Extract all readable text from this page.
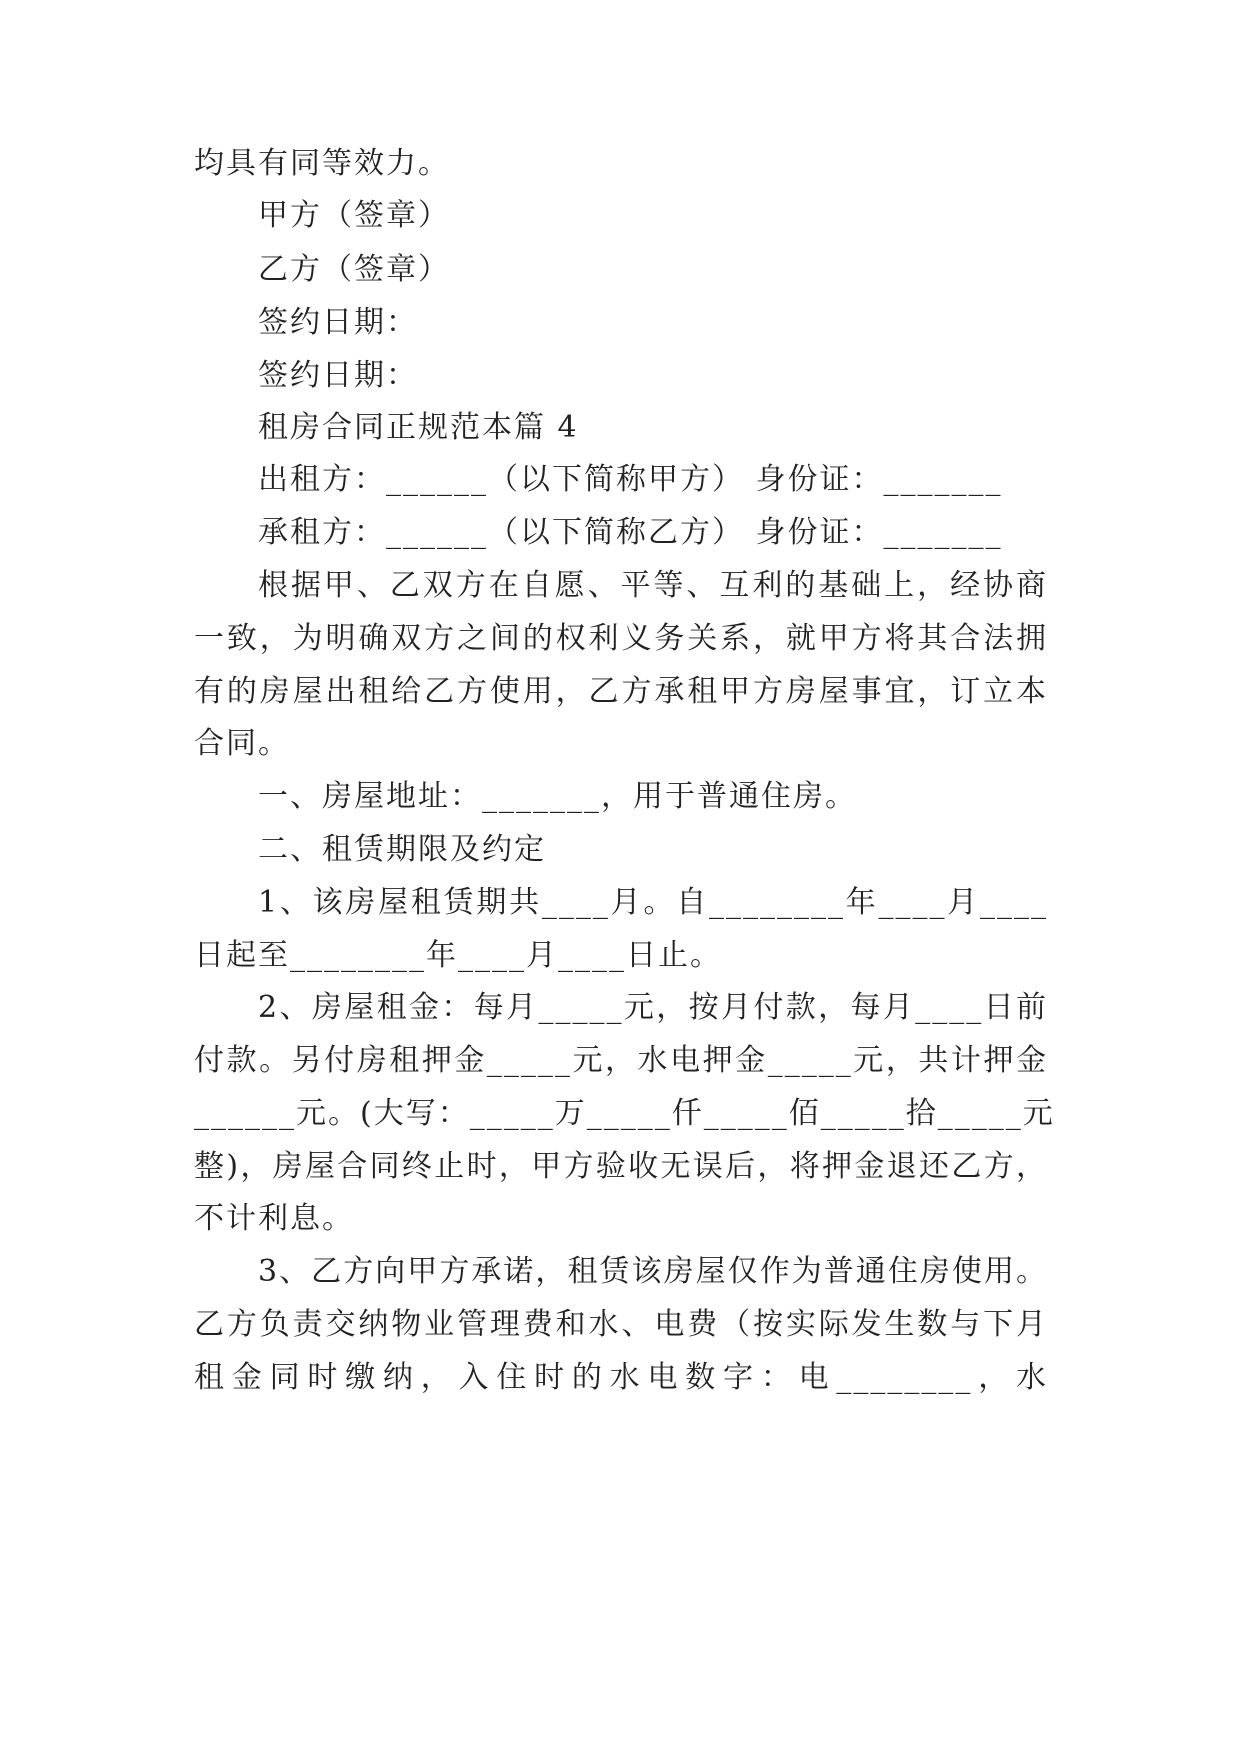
均具有同等效力。
甲方（签章）
乙方（签章）
签约日期：
签约日期：
租房合同正规范本篇 4
出租方：______（以下简称甲方） 身份证：_______
承租方：______（以下简称乙方） 身份证：_______
根据甲、乙双方在自愿、平等、互利的基础上，经协商
一致，为明确双方之间的权利义务关系，就甲方将其合法拥
有的房屋出租给乙方使用，乙方承租甲方房屋事宜，订立本
合同。
一、房屋地址：_______，用于普通住房。
二、租赁期限及约定
1、该房屋租赁期共____月。自________年____月____
日起至________年____月____日止。
2、房屋租金：每月_____元，按月付款，每月____日前
付款。另付房租押金_____元，水电押金_____元，共计押金
______元。(大写：_____万_____仟_____佰_____拾_____元
整)，房屋合同终止时，甲方验收无误后，将押金退还乙方，
不计利息。
3、乙方向甲方承诺，租赁该房屋仅作为普通住房使用。
乙方负责交纳物业管理费和水、电费（按实际发生数与下月
租金同时缴纳，入住时的水电数字：电________，水
